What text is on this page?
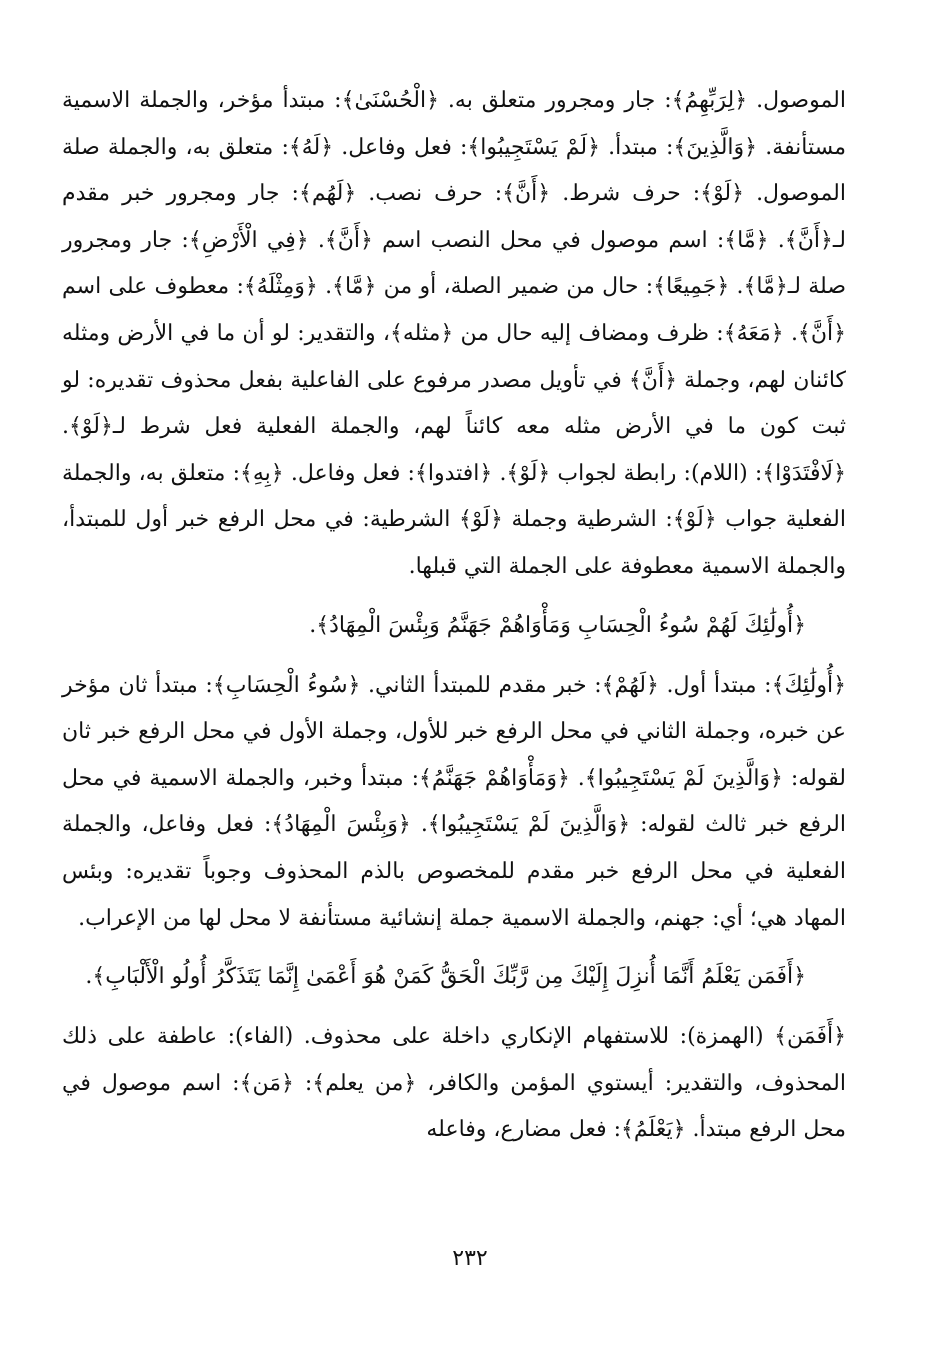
الموصول. ﴿لِرَبِّهِمُ﴾: جار ومجرور متعلق به. ﴿الْحُسْنَىٰ﴾: مبتدأ مؤخر، والجملة الاسمية مستأنفة. ﴿وَالَّذِينَ﴾: مبتدأ. ﴿لَمْ يَسْتَجِيبُوا﴾: فعل وفاعل. ﴿لَهُ﴾: متعلق به، والجملة صلة الموصول. ﴿لَوْ﴾: حرف شرط. ﴿أَنَّ﴾: حرف نصب. ﴿لَهُم﴾: جار ومجرور خبر مقدم لـ﴿أَنَّ﴾. ﴿مَّا﴾: اسم موصول في محل النصب اسم ﴿أَنَّ﴾. ﴿فِي الْأَرْضِ﴾: جار ومجرور صلة لـ﴿مَّا﴾. ﴿جَمِيعًا﴾: حال من ضمير الصلة، أو من ﴿مَّا﴾. ﴿وَمِثْلَهُ﴾: معطوف على اسم ﴿أَنَّ﴾. ﴿مَعَهُ﴾: ظرف ومضاف إليه حال من ﴿مثله﴾، والتقدير: لو أن ما في الأرض ومثله كائنان لهم، وجملة ﴿أَنَّ﴾ في تأويل مصدر مرفوع على الفاعلية بفعل محذوف تقديره: لو ثبت كون ما في الأرض مثله معه كائناً لهم، والجملة الفعلية فعل شرط لـ﴿لَوْ﴾. ﴿لَافْتَدَوْا﴾: (اللام): رابطة لجواب ﴿لَوْ﴾. ﴿افتدوا﴾: فعل وفاعل. ﴿بِهِ﴾: متعلق به، والجملة الفعلية جواب ﴿لَوْ﴾: الشرطية وجملة ﴿لَوْ﴾ الشرطية: في محل الرفع خبر أول للمبتدأ، والجملة الاسمية معطوفة على الجملة التي قبلها.

﴿أُولَٰئِكَ لَهُمْ سُوءُ الْحِسَابِ وَمَأْوَاهُمْ جَهَنَّمُ وَبِئْسَ الْمِهَادُ﴾.

﴿أُولَٰئِكَ﴾: مبتدأ أول. ﴿لَهُمْ﴾: خبر مقدم للمبتدأ الثاني. ﴿سُوءُ الْحِسَابِ﴾: مبتدأ ثان مؤخر عن خبره، وجملة الثاني في محل الرفع خبر للأول، وجملة الأول في محل الرفع خبر ثان لقوله: ﴿وَالَّذِينَ لَمْ يَسْتَجِيبُوا﴾. ﴿وَمَأْوَاهُمْ جَهَنَّمُ﴾: مبتدأ وخبر، والجملة الاسمية في محل الرفع خبر ثالث لقوله: ﴿وَالَّذِينَ لَمْ يَسْتَجِيبُوا﴾. ﴿وَبِئْسَ الْمِهَادُ﴾: فعل وفاعل، والجملة الفعلية في محل الرفع خبر مقدم للمخصوص بالذم المحذوف وجوباً تقديره: وبئس المهاد هي؛ أي: جهنم، والجملة الاسمية جملة إنشائية مستأنفة لا محل لها من الإعراب.

﴿أَفَمَن يَعْلَمُ أَنَّمَا أُنزِلَ إِلَيْكَ مِن رَّبِّكَ الْحَقُّ كَمَنْ هُوَ أَعْمَىٰ إِنَّمَا يَتَذَكَّرُ أُولُو الْأَلْبَابِ﴾.

﴿أَفَمَن﴾ (الهمزة): للاستفهام الإنكاري داخلة على محذوف. (الفاء): عاطفة على ذلك المحذوف، والتقدير: أيستوي المؤمن والكافر، ﴿من يعلم﴾: ﴿مَن﴾: اسم موصول في محل الرفع مبتدأ. ﴿يَعْلَمُ﴾: فعل مضارع، وفاعله

٢٣٢
